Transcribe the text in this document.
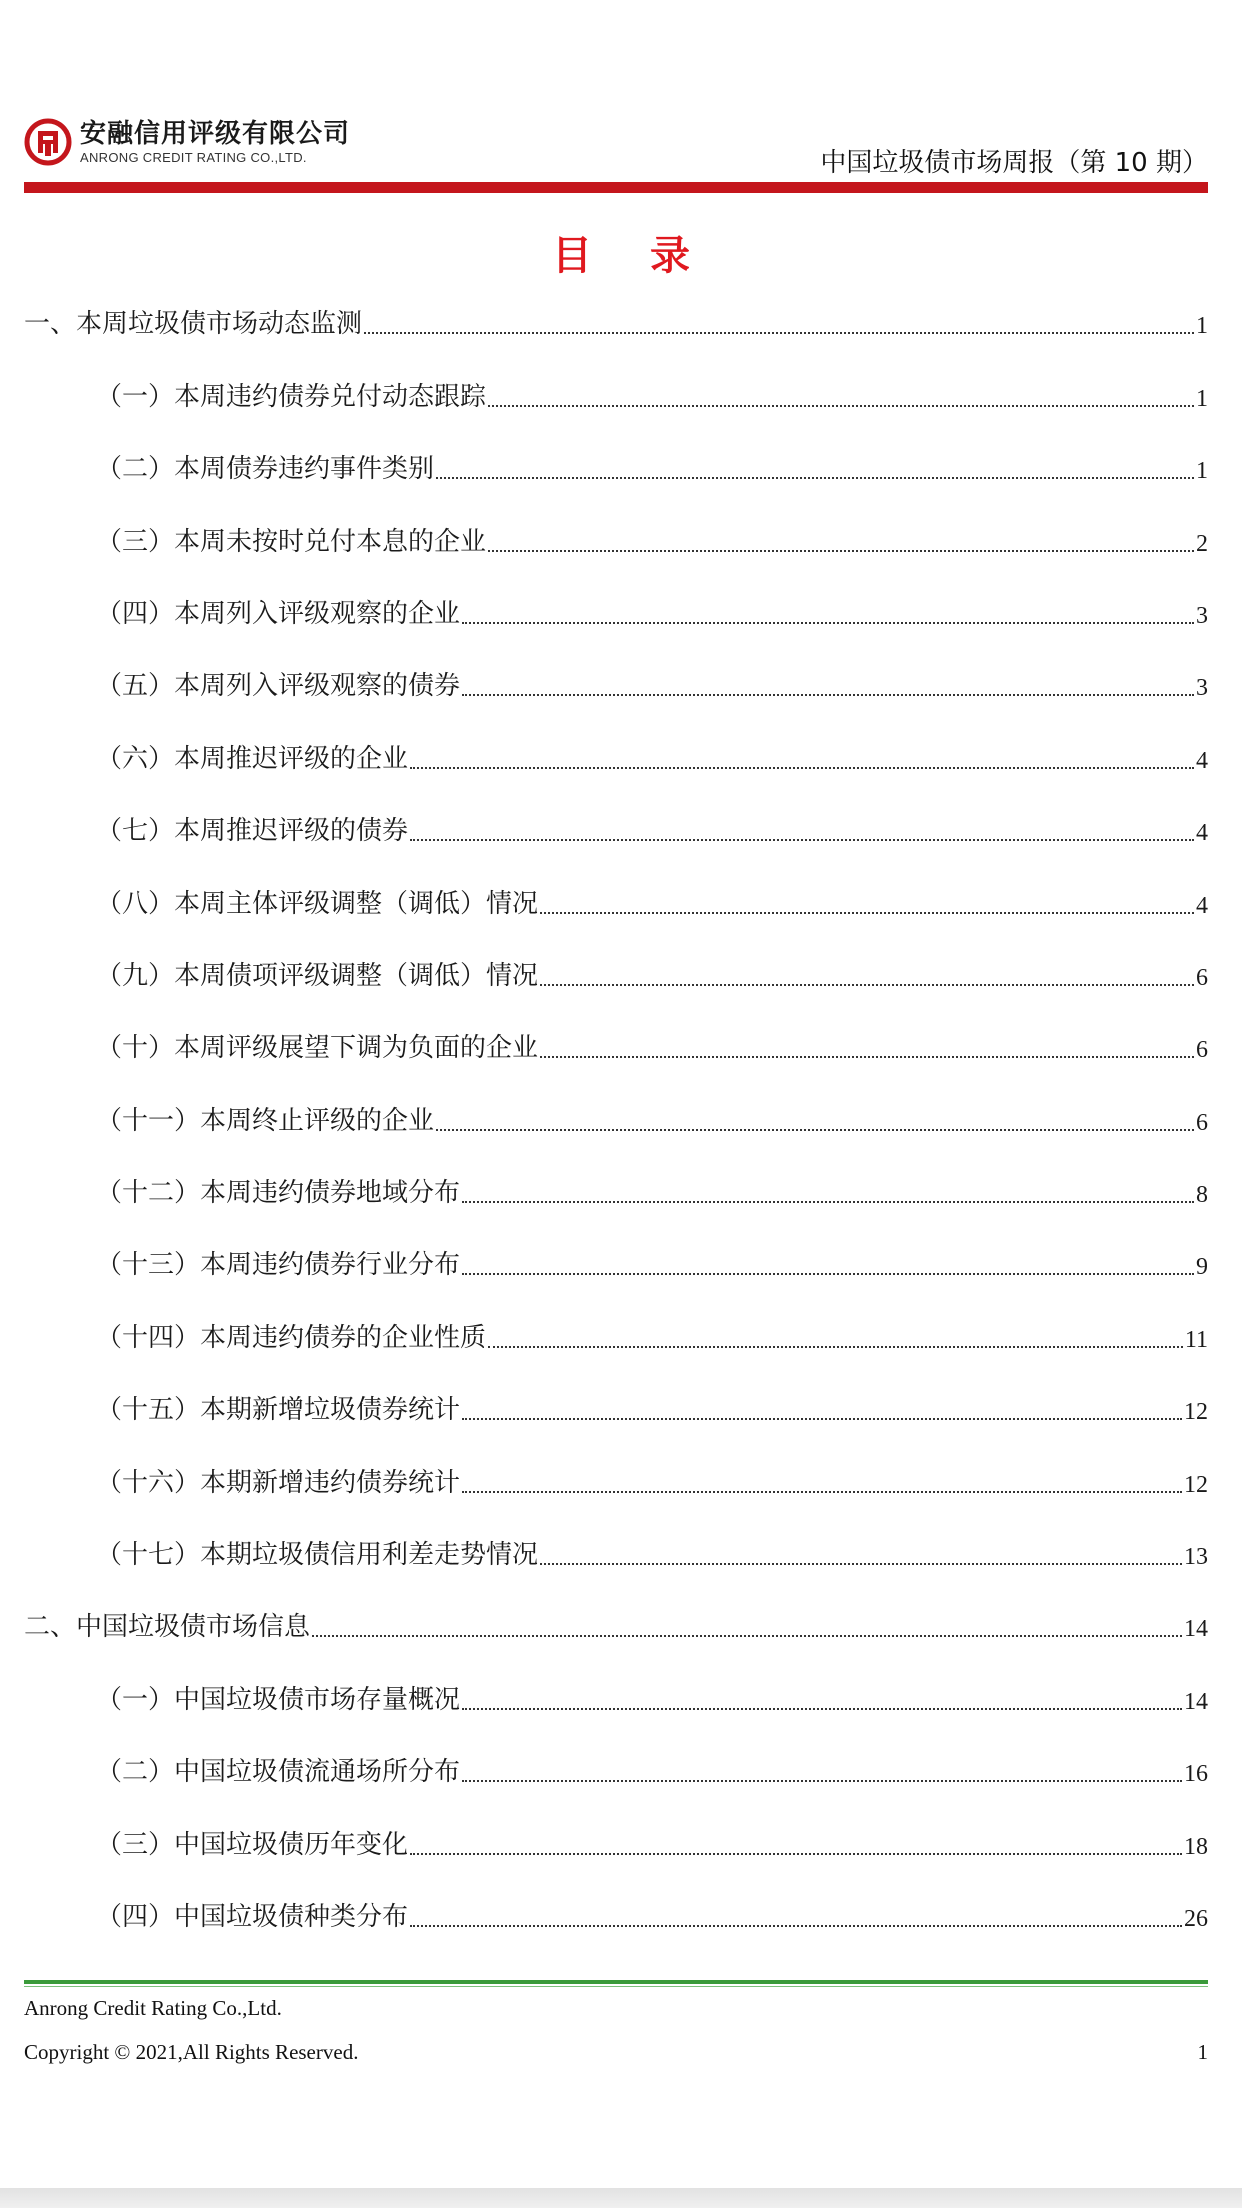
安融信用评级有限公司
ANRONG CREDIT RATING CO.,LTD.	中国垃圾债市场周报（第 10 期）
目 录
一、本周垃圾债市场动态监测	1
（一）本周违约债券兑付动态跟踪	1
（二）本周债券违约事件类别	1
（三）本周未按时兑付本息的企业	2
（四）本周列入评级观察的企业	3
（五）本周列入评级观察的债券	3
（六）本周推迟评级的企业	4
（七）本周推迟评级的债券	4
（八）本周主体评级调整（调低）情况	4
（九）本周债项评级调整（调低）情况	6
（十）本周评级展望下调为负面的企业	6
（十一）本周终止评级的企业	6
（十二）本周违约债券地域分布	8
（十三）本周违约债券行业分布	9
（十四）本周违约债券的企业性质	11
（十五）本期新增垃圾债券统计	12
（十六）本期新增违约债券统计	12
（十七）本期垃圾债信用利差走势情况	13
二、中国垃圾债市场信息	14
（一）中国垃圾债市场存量概况	14
（二）中国垃圾债流通场所分布	16
（三）中国垃圾债历年变化	18
（四）中国垃圾债种类分布	26
Anrong Credit Rating Co.,Ltd.
Copyright © 2021,All Rights Reserved.	1
